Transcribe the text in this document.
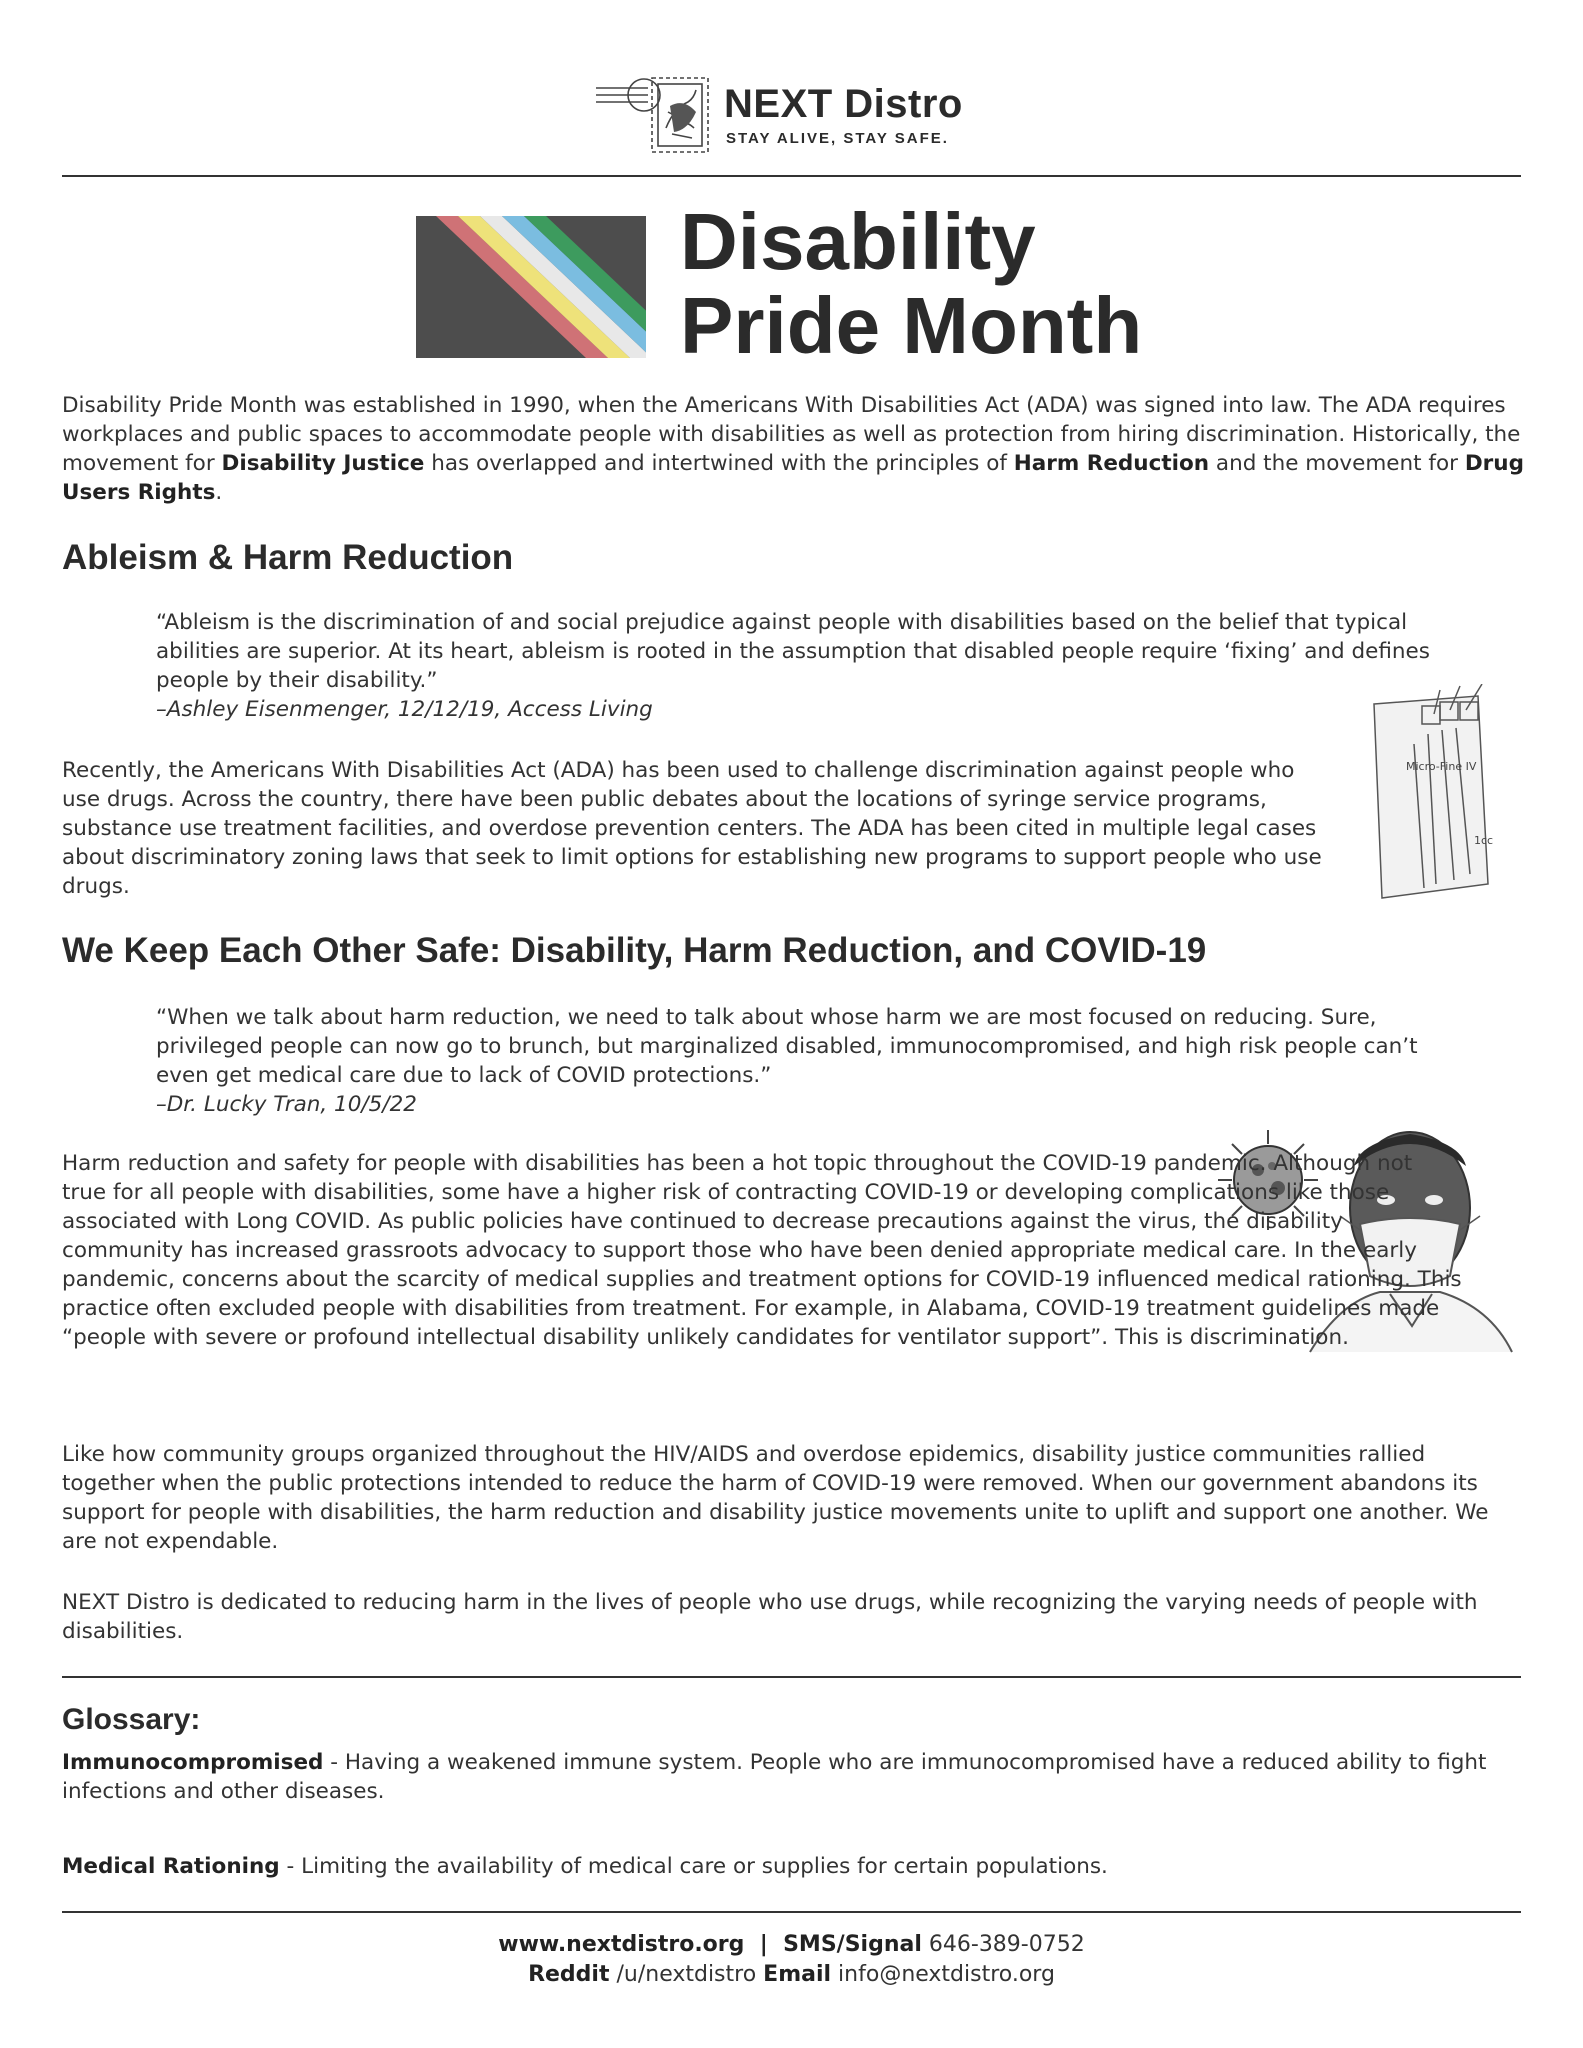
NEXT Distro
STAY ALIVE, STAY SAFE.
Disability
Pride Month

Disability Pride Month was established in 1990, when the Americans With Disabilities Act (ADA) was signed into law. The ADA requires workplaces and public spaces to accommodate people with disabilities as well as protection from hiring discrimination. Historically, the movement for Disability Justice has overlapped and intertwined with the principles of Harm Reduction and the movement for Drug Users Rights.

Ableism & Harm Reduction

“Ableism is the discrimination of and social prejudice against people with disabilities based on the belief that typical abilities are superior. At its heart, ableism is rooted in the assumption that disabled people require ‘fixing’ and defines people by their disability.”
–Ashley Eisenmenger, 12/12/19, Access Living

Recently, the Americans With Disabilities Act (ADA) has been used to challenge discrimination against people who use drugs. Across the country, there have been public debates about the locations of syringe service programs, substance use treatment facilities, and overdose prevention centers. The ADA has been cited in multiple legal cases about discriminatory zoning laws that seek to limit options for establishing new programs to support people who use drugs.

Micro-Fine IV
1cc
We Keep Each Other Safe: Disability, Harm Reduction, and COVID-19

“When we talk about harm reduction, we need to talk about whose harm we are most focused on reducing. Sure, privileged people can now go to brunch, but marginalized disabled, immunocompromised, and high risk people can’t even get medical care due to lack of COVID protections.”
–Dr. Lucky Tran, 10/5/22

Harm reduction and safety for people with disabilities has been a hot topic throughout the COVID-19 pandemic. Although not true for all people with disabilities, some have a higher risk of contracting COVID-19 or developing complications like those associated with Long COVID. As public policies have continued to decrease precautions against the virus, the disability community has increased grassroots advocacy to support those who have been denied appropriate medical care. In the early pandemic, concerns about the scarcity of medical supplies and treatment options for COVID-19 influenced medical rationing. This practice often excluded people with disabilities from treatment. For example, in Alabama, COVID-19 treatment guidelines made “people with severe or profound intellectual disability unlikely candidates for ventilator support”. This is discrimination.

Like how community groups organized throughout the HIV/AIDS and overdose epidemics, disability justice communities rallied together when the public protections intended to reduce the harm of COVID-19 were removed. When our government abandons its support for people with disabilities, the harm reduction and disability justice movements unite to uplift and support one another. We are not expendable.

NEXT Distro is dedicated to reducing harm in the lives of people who use drugs, while recognizing the varying needs of people with disabilities.

Glossary:

Immunocompromised - Having a weakened immune system. People who are immunocompromised have a reduced ability to fight infections and other diseases.

Medical Rationing - Limiting the availability of medical care or supplies for certain populations.

www.nextdistro.org  |  SMS/Signal 646-389-0752
Reddit /u/nextdistro Email info@nextdistro.org
